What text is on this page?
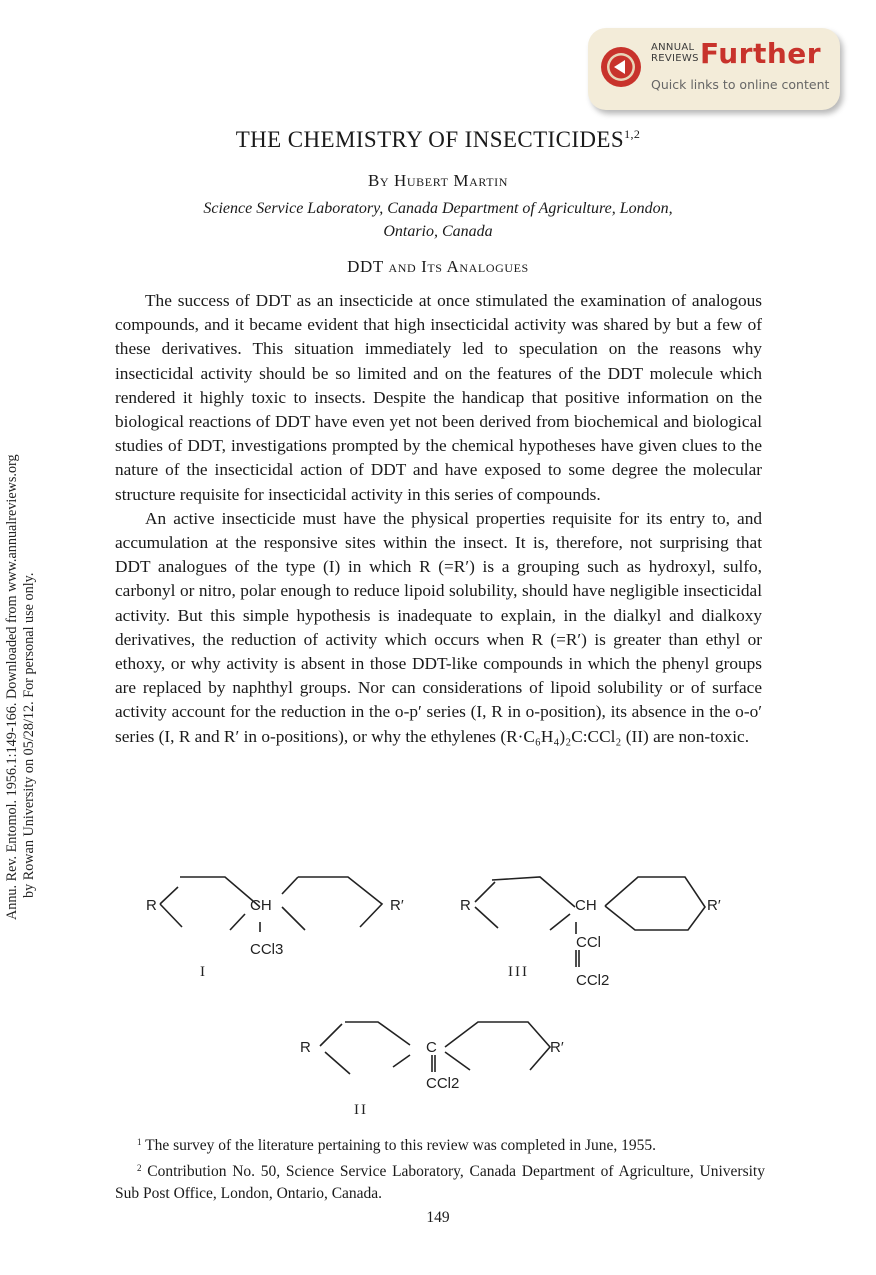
ANNUAL
REVIEWS Further
Quick links to online content
Annu. Rev. Entomol. 1956.1:149-166. Downloaded from www.annualreviews.org by Rowan University on 05/28/12. For personal use only.
THE CHEMISTRY OF INSECTICIDES$^{1,2}$
By Hubert Martin
Science Service Laboratory, Canada Department of Agriculture, London,
Ontario, Canada
DDT and Its Analogues

The success of DDT as an insecticide at once stimulated the examination of analogous compounds, and it became evident that high insecticidal activity was shared by but a few of these derivatives. This situation immediately led to speculation on the reasons why insecticidal activity should be so limited and on the features of the DDT molecule which rendered it highly toxic to insects. Despite the handicap that positive information on the biological reactions of DDT have even yet not been derived from biochemical and biological studies of DDT, investigations prompted by the chemical hypotheses have given clues to the nature of the insecticidal action of DDT and have exposed to some degree the molecular structure requisite for insecticidal activity in this series of compounds.

An active insecticide must have the physical properties requisite for its entry to, and accumulation at the responsive sites within the insect. It is, therefore, not surprising that DDT analogues of the type (I) in which R (=R′) is a grouping such as hydroxyl, sulfo, carbonyl or nitro, polar enough to reduce lipoid solubility, should have negligible insecticidal activity. But this simple hypothesis is inadequate to explain, in the dialkyl and dialkoxy derivatives, the reduction of activity which occurs when R (=R′) is greater than ethyl or ethoxy, or why activity is absent in those DDT-like compounds in which the phenyl groups are replaced by naphthyl groups. Nor can considerations of lipoid solubility or of surface activity account for the reduction in the o-p′ series (I, R in o-position), its absence in the o-o′ series (I, R and R′ in o-positions), or why the ethylenes (R·C₆H₄)₂C:CCl₂ (II) are non-toxic.

R	CH	R′
CCl3
I
R	CH	R′
CCl
CCl2
III
R	C	R′
CCl2
II

$^1$ The survey of the literature pertaining to this review was completed in June, 1955.

$^2$ Contribution No. 50, Science Service Laboratory, Canada Department of Agriculture, University Sub Post Office, London, Ontario, Canada.

149
